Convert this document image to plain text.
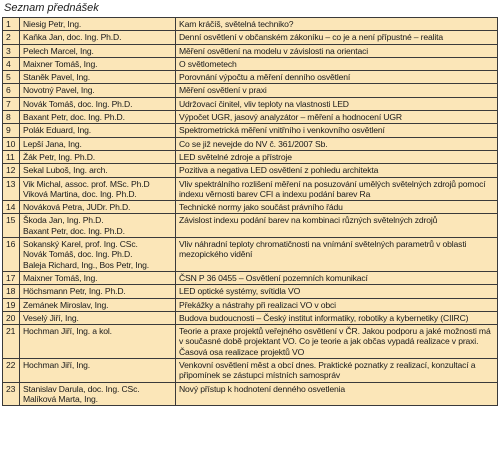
Seznam přednášek
1	Niesig Petr, Ing.	Kam kráčíš, světelná techniko?

2	Kaňka Jan, doc. Ing. Ph.D.	Denní osvětlení v občanském zákoníku – co je a není přípustné – realita

3	Pelech Marcel, Ing.	Měření osvětlení na modelu v závislosti na orientaci

4	Maixner Tomáš, Ing.	O světlometech

5	Staněk Pavel, Ing.	Porovnání výpočtu a měření denního osvětlení

6	Novotný Pavel, Ing.	Měření osvětlení v praxi

7	Novák Tomáš, doc. Ing. Ph.D.	Udržovací činitel, vliv teploty na vlastnosti LED

8	Baxant Petr, doc. Ing. Ph.D.	Výpočet UGR, jasový analyzátor – měření a hodnocení UGR

9	Polák Eduard, Ing.	Spektrometrická měření vnitřního i venkovního osvětlení

10	Lepší Jana, Ing.	Co se již nevejde do NV č. 361/2007 Sb.

11	Žák Petr, Ing. Ph.D.	LED světelné zdroje a přístroje

12	Sekal Luboš, Ing. arch.	Pozitiva a negativa LED osvětlení z pohledu architekta

13	Vik Michal, assoc. prof. MSc. Ph.D
Viková Martina, doc. Ing. Ph.D.	Vliv spektrálního rozlišení měření na posuzování umělých světelných zdrojů pomocí indexu věrnosti barev CFI a indexu podání barev Ra

14	Nováková Petra, JUDr. Ph.D.	Technické normy jako součást právního řádu

15	Škoda Jan, Ing. Ph.D.
Baxant Petr, doc. Ing. Ph.D.	Závislost indexu podání barev na kombinaci různých světelných zdrojů

16	Sokanský Karel, prof. Ing. CSc.
Novák Tomáš, doc. Ing. Ph.D.
Baleja Richard, Ing., Bos Petr, Ing.	Vliv náhradní teploty chromatičnosti na vnímání světelných parametrů v oblasti mezopického vidění

17	Maixner Tomáš, Ing.	ČSN P 36 0455 – Osvětlení pozemních komunikací

18	Höchsmann Petr, Ing. Ph.D.	LED optické systémy, svítidla VO

19	Zemánek Miroslav, Ing.	Překážky a nástrahy při realizaci VO v obci

20	Veselý Jiří, Ing.	Budova budoucnosti – Český institut informatiky, robotiky a kybernetiky (CIIRC)

21	Hochman Jiří, Ing. a kol.	Teorie a praxe projektů veřejného osvětlení v ČR. Jakou podporu a jaké možnosti má v současné době projektant VO. Co je teorie a jak občas vypadá realizace v praxi. Časová osa realizace projektů VO

22	Hochman Jiří, Ing.	Venkovní osvětlení měst a obcí dnes. Praktické poznatky z realizací, konzultací a připomínek se zástupci místních samospráv

23	Stanislav Darula, doc. Ing. CSc.
Malíková Marta, Ing.	Nový přístup k hodnotení denného osvetlenia
